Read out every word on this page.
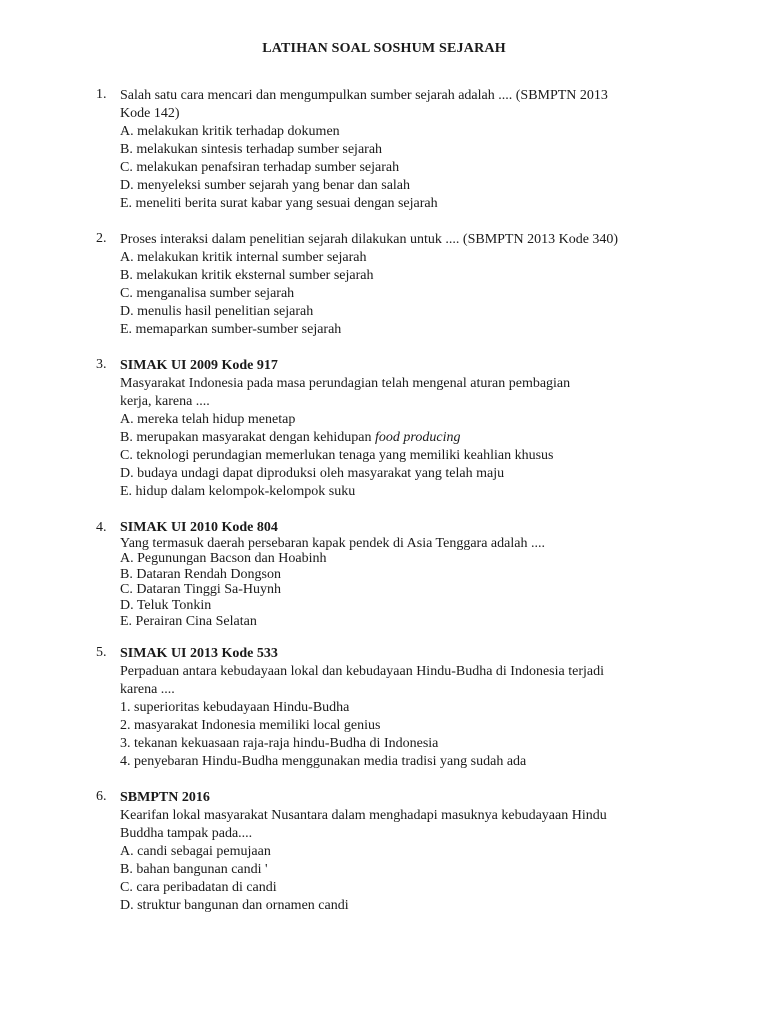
LATIHAN SOAL SOSHUM SEJARAH
1. Salah satu cara mencari dan mengumpulkan sumber sejarah adalah .... (SBMPTN 2013
Kode 142)
A. melakukan kritik terhadap dokumen
B. melakukan sintesis terhadap sumber sejarah
C. melakukan penafsiran terhadap sumber sejarah
D. menyeleksi sumber sejarah yang benar dan salah
E. meneliti berita surat kabar yang sesuai dengan sejarah
2. Proses interaksi dalam penelitian sejarah dilakukan untuk .... (SBMPTN 2013 Kode 340)
A. melakukan kritik internal sumber sejarah
B. melakukan kritik eksternal sumber sejarah
C. menganalisa sumber sejarah
D. menulis hasil penelitian sejarah
E. memaparkan sumber-sumber sejarah
3. SIMAK UI 2009 Kode 917
Masyarakat Indonesia pada masa perundagian telah mengenal aturan pembagian
kerja, karena ....
A. mereka telah hidup menetap
B. merupakan masyarakat dengan kehidupan food producing
C. teknologi perundagian memerlukan tenaga yang memiliki keahlian khusus
D. budaya undagi dapat diproduksi oleh masyarakat yang telah maju
E. hidup dalam kelompok-kelompok suku
4. SIMAK UI 2010 Kode 804
Yang termasuk daerah persebaran kapak pendek di Asia Tenggara adalah ....
A. Pegunungan Bacson dan Hoabinh
B. Dataran Rendah Dongson
C. Dataran Tinggi Sa-Huynh
D. Teluk Tonkin
E. Perairan Cina Selatan
5. SIMAK UI 2013 Kode 533
Perpaduan antara kebudayaan lokal dan kebudayaan Hindu-Budha di Indonesia terjadi
karena ....
1. superioritas kebudayaan Hindu-Budha
2. masyarakat Indonesia memiliki local genius
3. tekanan kekuasaan raja-raja hindu-Budha di Indonesia
4. penyebaran Hindu-Budha menggunakan media tradisi yang sudah ada
6. SBMPTN 2016
Kearifan lokal masyarakat Nusantara dalam menghadapi masuknya kebudayaan Hindu
Buddha tampak pada....
A. candi sebagai pemujaan
B. bahan bangunan candi '
C. cara peribadatan di candi
D. struktur bangunan dan ornamen candi
